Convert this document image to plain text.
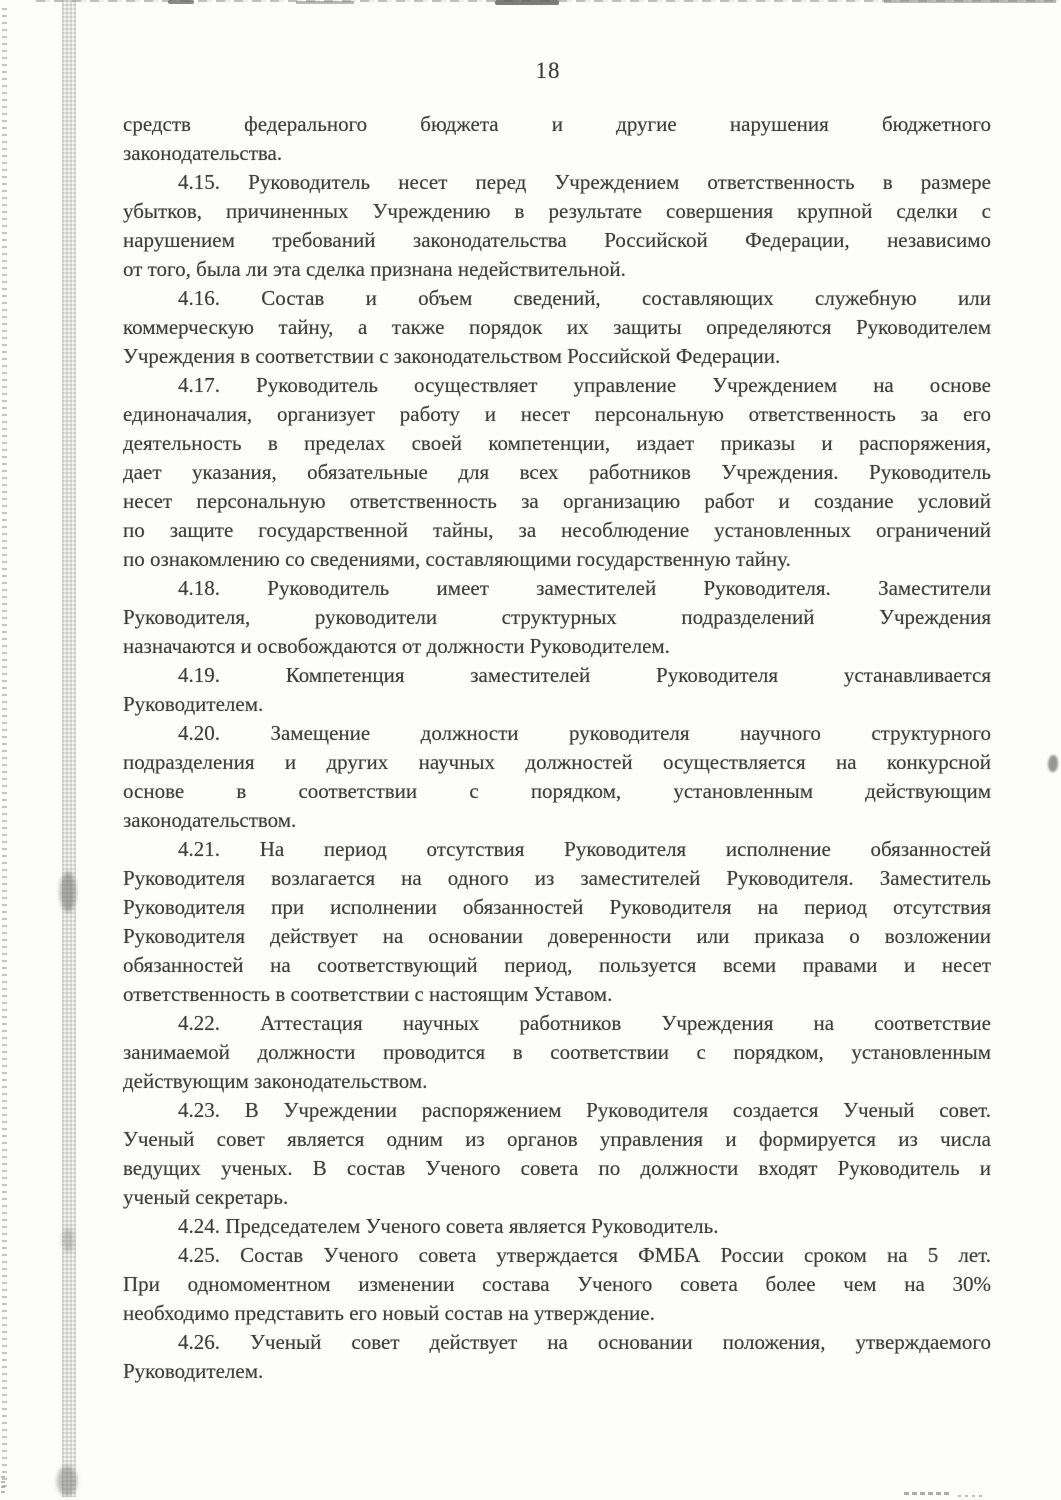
18
средств федерального бюджета и другие нарушения бюджетного
законодательства.
4.15. Руководитель несет перед Учреждением ответственность в размере
убытков, причиненных Учреждению в результате совершения крупной сделки с
нарушением требований законодательства Российской Федерации, независимо
от того, была ли эта сделка признана недействительной.
4.16. Состав и объем сведений, составляющих служебную или
коммерческую тайну, а также порядок их защиты определяются Руководителем
Учреждения в соответствии с законодательством Российской Федерации.
4.17. Руководитель осуществляет управление Учреждением на основе
единоначалия, организует работу и несет персональную ответственность за его
деятельность в пределах своей компетенции, издает приказы и распоряжения,
дает указания, обязательные для всех работников Учреждения. Руководитель
несет персональную ответственность за организацию работ и создание условий
по защите государственной тайны, за несоблюдение установленных ограничений
по ознакомлению со сведениями, составляющими государственную тайну.
4.18. Руководитель имеет заместителей Руководителя. Заместители
Руководителя, руководители структурных подразделений Учреждения
назначаются и освобождаются от должности Руководителем.
4.19. Компетенция заместителей Руководителя устанавливается
Руководителем.
4.20. Замещение должности руководителя научного структурного
подразделения и других научных должностей осуществляется на конкурсной
основе в соответствии с порядком, установленным действующим
законодательством.
4.21. На период отсутствия Руководителя исполнение обязанностей
Руководителя возлагается на одного из заместителей Руководителя. Заместитель
Руководителя при исполнении обязанностей Руководителя на период отсутствия
Руководителя действует на основании доверенности или приказа о возложении
обязанностей на соответствующий период, пользуется всеми правами и несет
ответственность в соответствии с настоящим Уставом.
4.22. Аттестация научных работников Учреждения на соответствие
занимаемой должности проводится в соответствии с порядком, установленным
действующим законодательством.
4.23. В Учреждении распоряжением Руководителя создается Ученый совет.
Ученый совет является одним из органов управления и формируется из числа
ведущих ученых. В состав Ученого совета по должности входят Руководитель и
ученый секретарь.
4.24. Председателем Ученого совета является Руководитель.
4.25. Состав Ученого совета утверждается ФМБА России сроком на 5 лет.
При одномоментном изменении состава Ученого совета более чем на 30%
необходимо представить его новый состав на утверждение.
4.26. Ученый совет действует на основании положения, утверждаемого
Руководителем.
